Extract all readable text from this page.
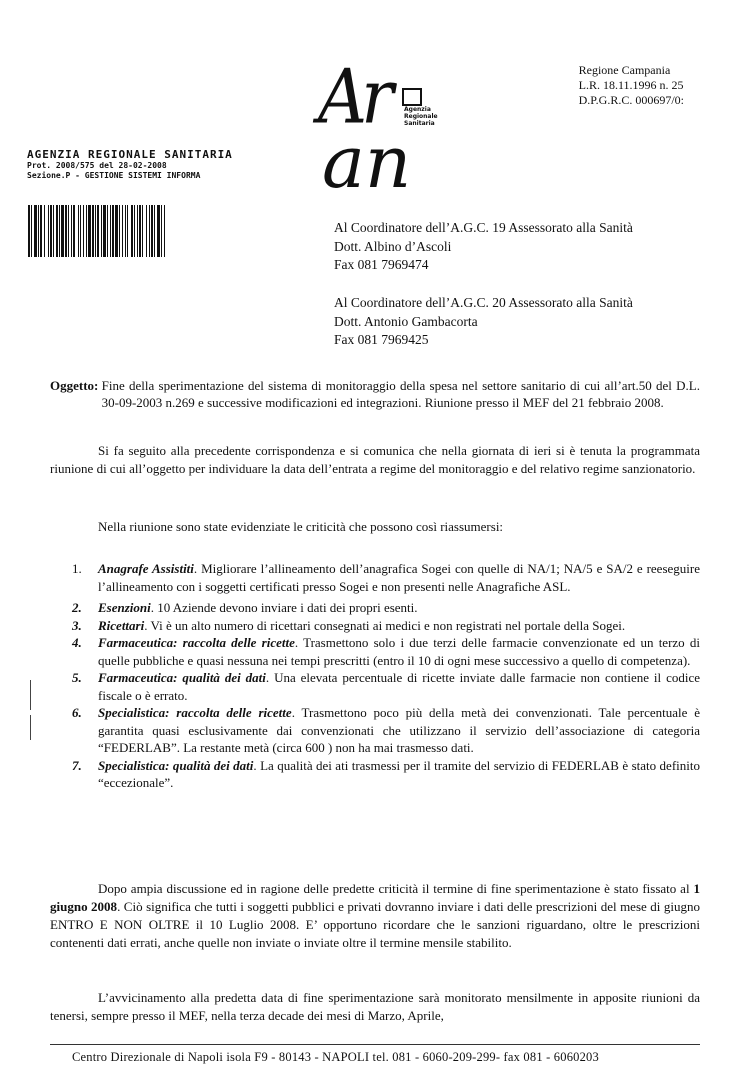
Regione Campania
L.R. 18.11.1996 n. 25
D.P.G.R.C. 000697/0:
Ar	Agenzia
Regionale
Sanitaria
an
AGENZIA REGIONALE SANITARIA
Prot. 2008/575 del 28-02-2008
Sezione.P - GESTIONE SISTEMI INFORMA
Al Coordinatore dell’A.G.C. 19 Assessorato alla Sanità
Dott. Albino d’Ascoli
Fax 081 7969474
Al Coordinatore dell’A.G.C. 20 Assessorato alla Sanità
Dott. Antonio Gambacorta
Fax 081 7969425
Oggetto : Fine della sperimentazione del sistema di monitoraggio della spesa nel settore sanitario di cui all’art.50 del D.L. 30-09-2003 n.269 e successive modificazioni ed integrazioni. Riunione presso il MEF del 21 febbraio 2008.
Si fa seguito alla precedente corrispondenza e si comunica che nella giornata di ieri si è tenuta la programmata riunione di cui all’oggetto per individuare la data dell’entrata a regime del monitoraggio e del relativo regime sanzionatorio.
Nella riunione sono state evidenziate le criticità che possono così riassumersi:
1.	Anagrafe Assistiti. Migliorare l’allineamento dell’anagrafica Sogei con quelle di NA/1; NA/5 e SA/2 e reeseguire l’allineamento con i soggetti certificati presso Sogei e non presenti nelle Anagrafiche ASL.
2.	Esenzioni. 10 Aziende devono inviare i dati dei propri esenti.
3.	Ricettari. Vi è un alto numero di ricettari consegnati ai medici e non registrati nel portale della Sogei.
4.	Farmaceutica: raccolta delle ricette. Trasmettono solo i due terzi delle farmacie convenzionate ed un terzo di quelle pubbliche e quasi nessuna nei tempi prescritti (entro il 10 di ogni mese successivo a quello di competenza).
5.	Farmaceutica: qualità dei dati. Una elevata percentuale di ricette inviate dalle farmacie non contiene il codice fiscale o è errato.
6.	Specialistica: raccolta delle ricette. Trasmettono poco più della metà dei convenzionati. Tale percentuale è garantita quasi esclusivamente dai convenzionati che utilizzano il servizio dell’associazione di categoria “FEDERLAB”. La restante metà (circa 600 ) non ha mai trasmesso dati.
7.	Specialistica: qualità dei dati. La qualità dei ati trasmessi per il tramite del servizio di FEDERLAB è stato definito “eccezionale”.
Dopo ampia discussione ed in ragione delle predette criticità il termine di fine sperimentazione è stato fissato al 1 giugno 2008. Ciò significa che tutti i soggetti pubblici e privati dovranno inviare i dati delle prescrizioni del mese di giugno ENTRO E NON OLTRE il 10 Luglio 2008. E’ opportuno ricordare che le sanzioni riguardano, oltre le prescrizioni contenenti dati errati, anche quelle non inviate o inviate oltre il termine mensile stabilito.
L’avvicinamento alla predetta data di fine sperimentazione sarà monitorato mensilmente in apposite riunioni da tenersi, sempre presso il MEF, nella terza decade dei mesi di Marzo, Aprile,
Centro Direzionale di Napoli isola F9 - 80143 - NAPOLI tel. 081 - 6060-209-299- fax 081 - 6060203
